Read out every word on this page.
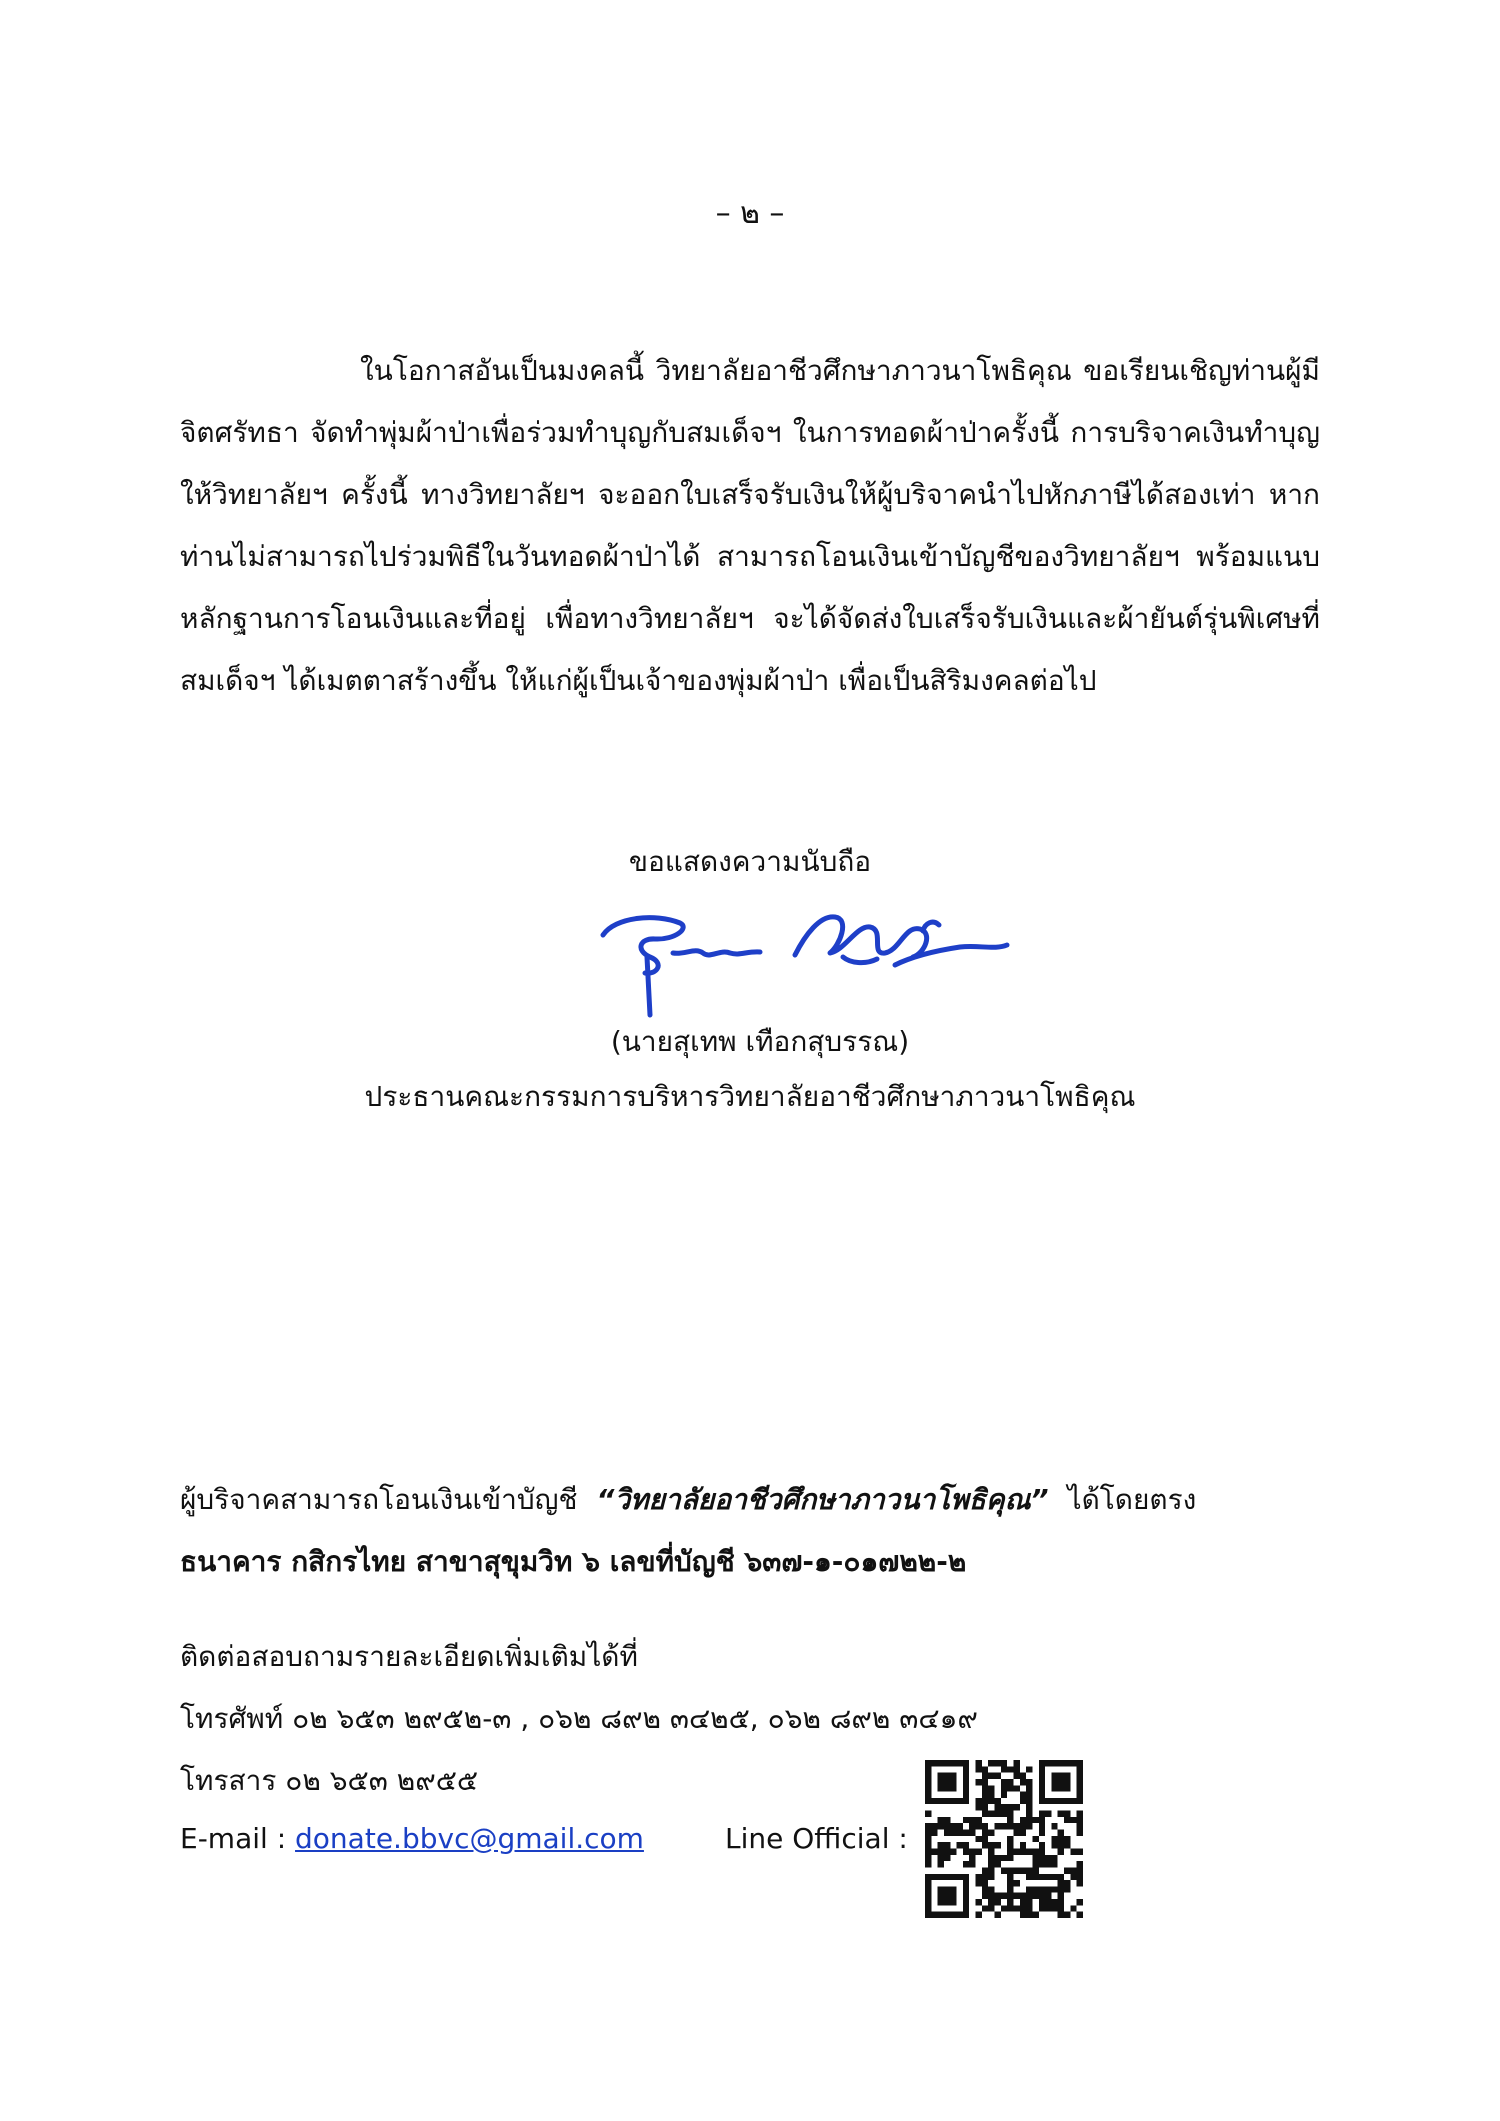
– ๒ –

ในโอกาสอันเป็นมงคลนี้ วิทยาลัยอาชีวศึกษาภาวนาโพธิคุณ ขอเรียนเชิญท่านผู้มีจิตศรัทธา จัดทำพุ่มผ้าป่าเพื่อร่วมทำบุญกับสมเด็จฯ ในการทอดผ้าป่าครั้งนี้ การบริจาคเงินทำบุญให้วิทยาลัยฯ ครั้งนี้ ทางวิทยาลัยฯ จะออกใบเสร็จรับเงินให้ผู้บริจาคนำไปหักภาษีได้สองเท่า หากท่านไม่สามารถไปร่วมพิธีในวันทอดผ้าป่าได้ สามารถโอนเงินเข้าบัญชีของวิทยาลัยฯ พร้อมแนบหลักฐานการโอนเงินและที่อยู่ เพื่อทางวิทยาลัยฯ จะได้จัดส่งใบเสร็จรับเงินและผ้ายันต์รุ่นพิเศษที่สมเด็จฯ ได้เมตตาสร้างขึ้น ให้แก่ผู้เป็นเจ้าของพุ่มผ้าป่า เพื่อเป็นสิริมงคลต่อไป

ขอแสดงความนับถือ
(นายสุเทพ เทือกสุบรรณ)
ประธานคณะกรรมการบริหารวิทยาลัยอาชีวศึกษาภาวนาโพธิคุณ
ผู้บริจาคสามารถโอนเงินเข้าบัญชี “วิทยาลัยอาชีวศึกษาภาวนาโพธิคุณ” ได้โดยตรง
ธนาคาร กสิกรไทย สาขาสุขุมวิท ๖ เลขที่บัญชี ๖๓๗-๑-๐๑๗๒๒-๒
ติดต่อสอบถามรายละเอียดเพิ่มเติมได้ที่
โทรศัพท์ ๐๒ ๖๕๓ ๒๙๕๒-๓ , ๐๖๒ ๘๙๒ ๓๔๒๕, ๐๖๒ ๘๙๒ ๓๔๑๙
โทรสาร ๐๒ ๖๕๓ ๒๙๕๕
E-mail : donate.bbvc@gmail.com	Line Official :
